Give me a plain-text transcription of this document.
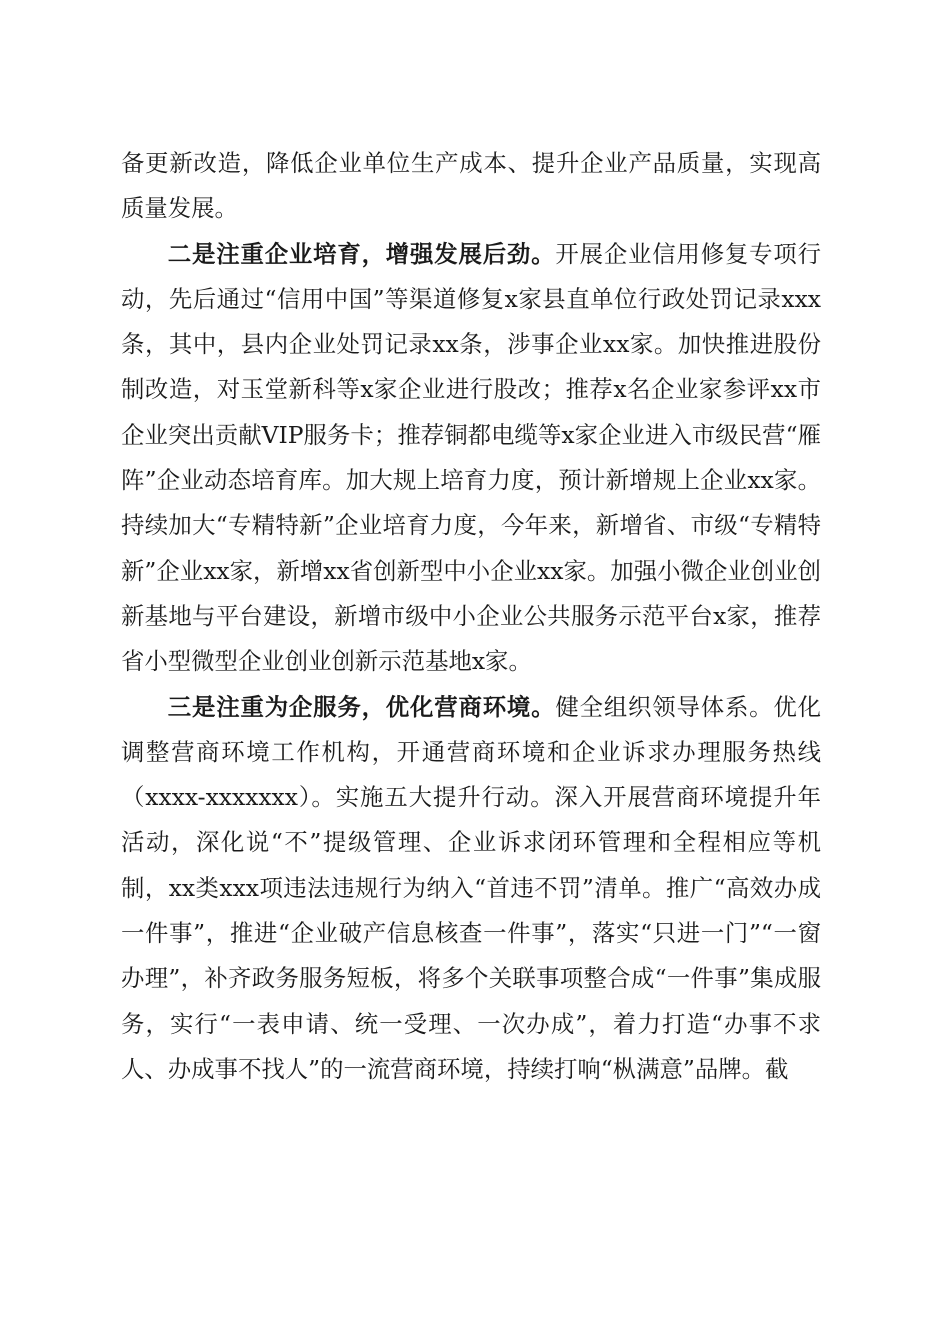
备更新改造，降低企业单位生产成本、提升企业产品质量，实现高质量发展。

二是注重企业培育，增强发展后劲。开展企业信用修复专项行动，先后通过“信用中国”等渠道修复x家县直单位行政处罚记录xxx条，其中，县内企业处罚记录xx条，涉事企业xx家。加快推进股份制改造，对玉堂新科等x家企业进行股改；推荐x名企业家参评xx市企业突出贡献VIP服务卡；推荐铜都电缆等x家企业进入市级民营“雁阵”企业动态培育库。加大规上培育力度，预计新增规上企业xx家。持续加大“专精特新”企业培育力度，今年来，新增省、市级“专精特新”企业xx家，新增xx省创新型中小企业xx家。加强小微企业创业创新基地与平台建设，新增市级中小企业公共服务示范平台x家，推荐省小型微型企业创业创新示范基地x家。

三是注重为企服务，优化营商环境。健全组织领导体系。优化调整营商环境工作机构，开通营商环境和企业诉求办理服务热线（xxxx-xxxxxxx）。实施五大提升行动。深入开展营商环境提升年活动，深化说“不”提级管理、企业诉求闭环管理和全程相应等机制，xx类xxx项违法违规行为纳入“首违不罚”清单。推广“高效办成一件事”，推进“企业破产信息核查一件事”，落实“只进一门”“一窗办理”，补齐政务服务短板，将多个关联事项整合成“一件事”集成服务，实行“一表申请、统一受理、一次办成”，着力打造“办事不求人、办成事不找人”的一流营商环境，持续打响“枞满意”品牌。截
